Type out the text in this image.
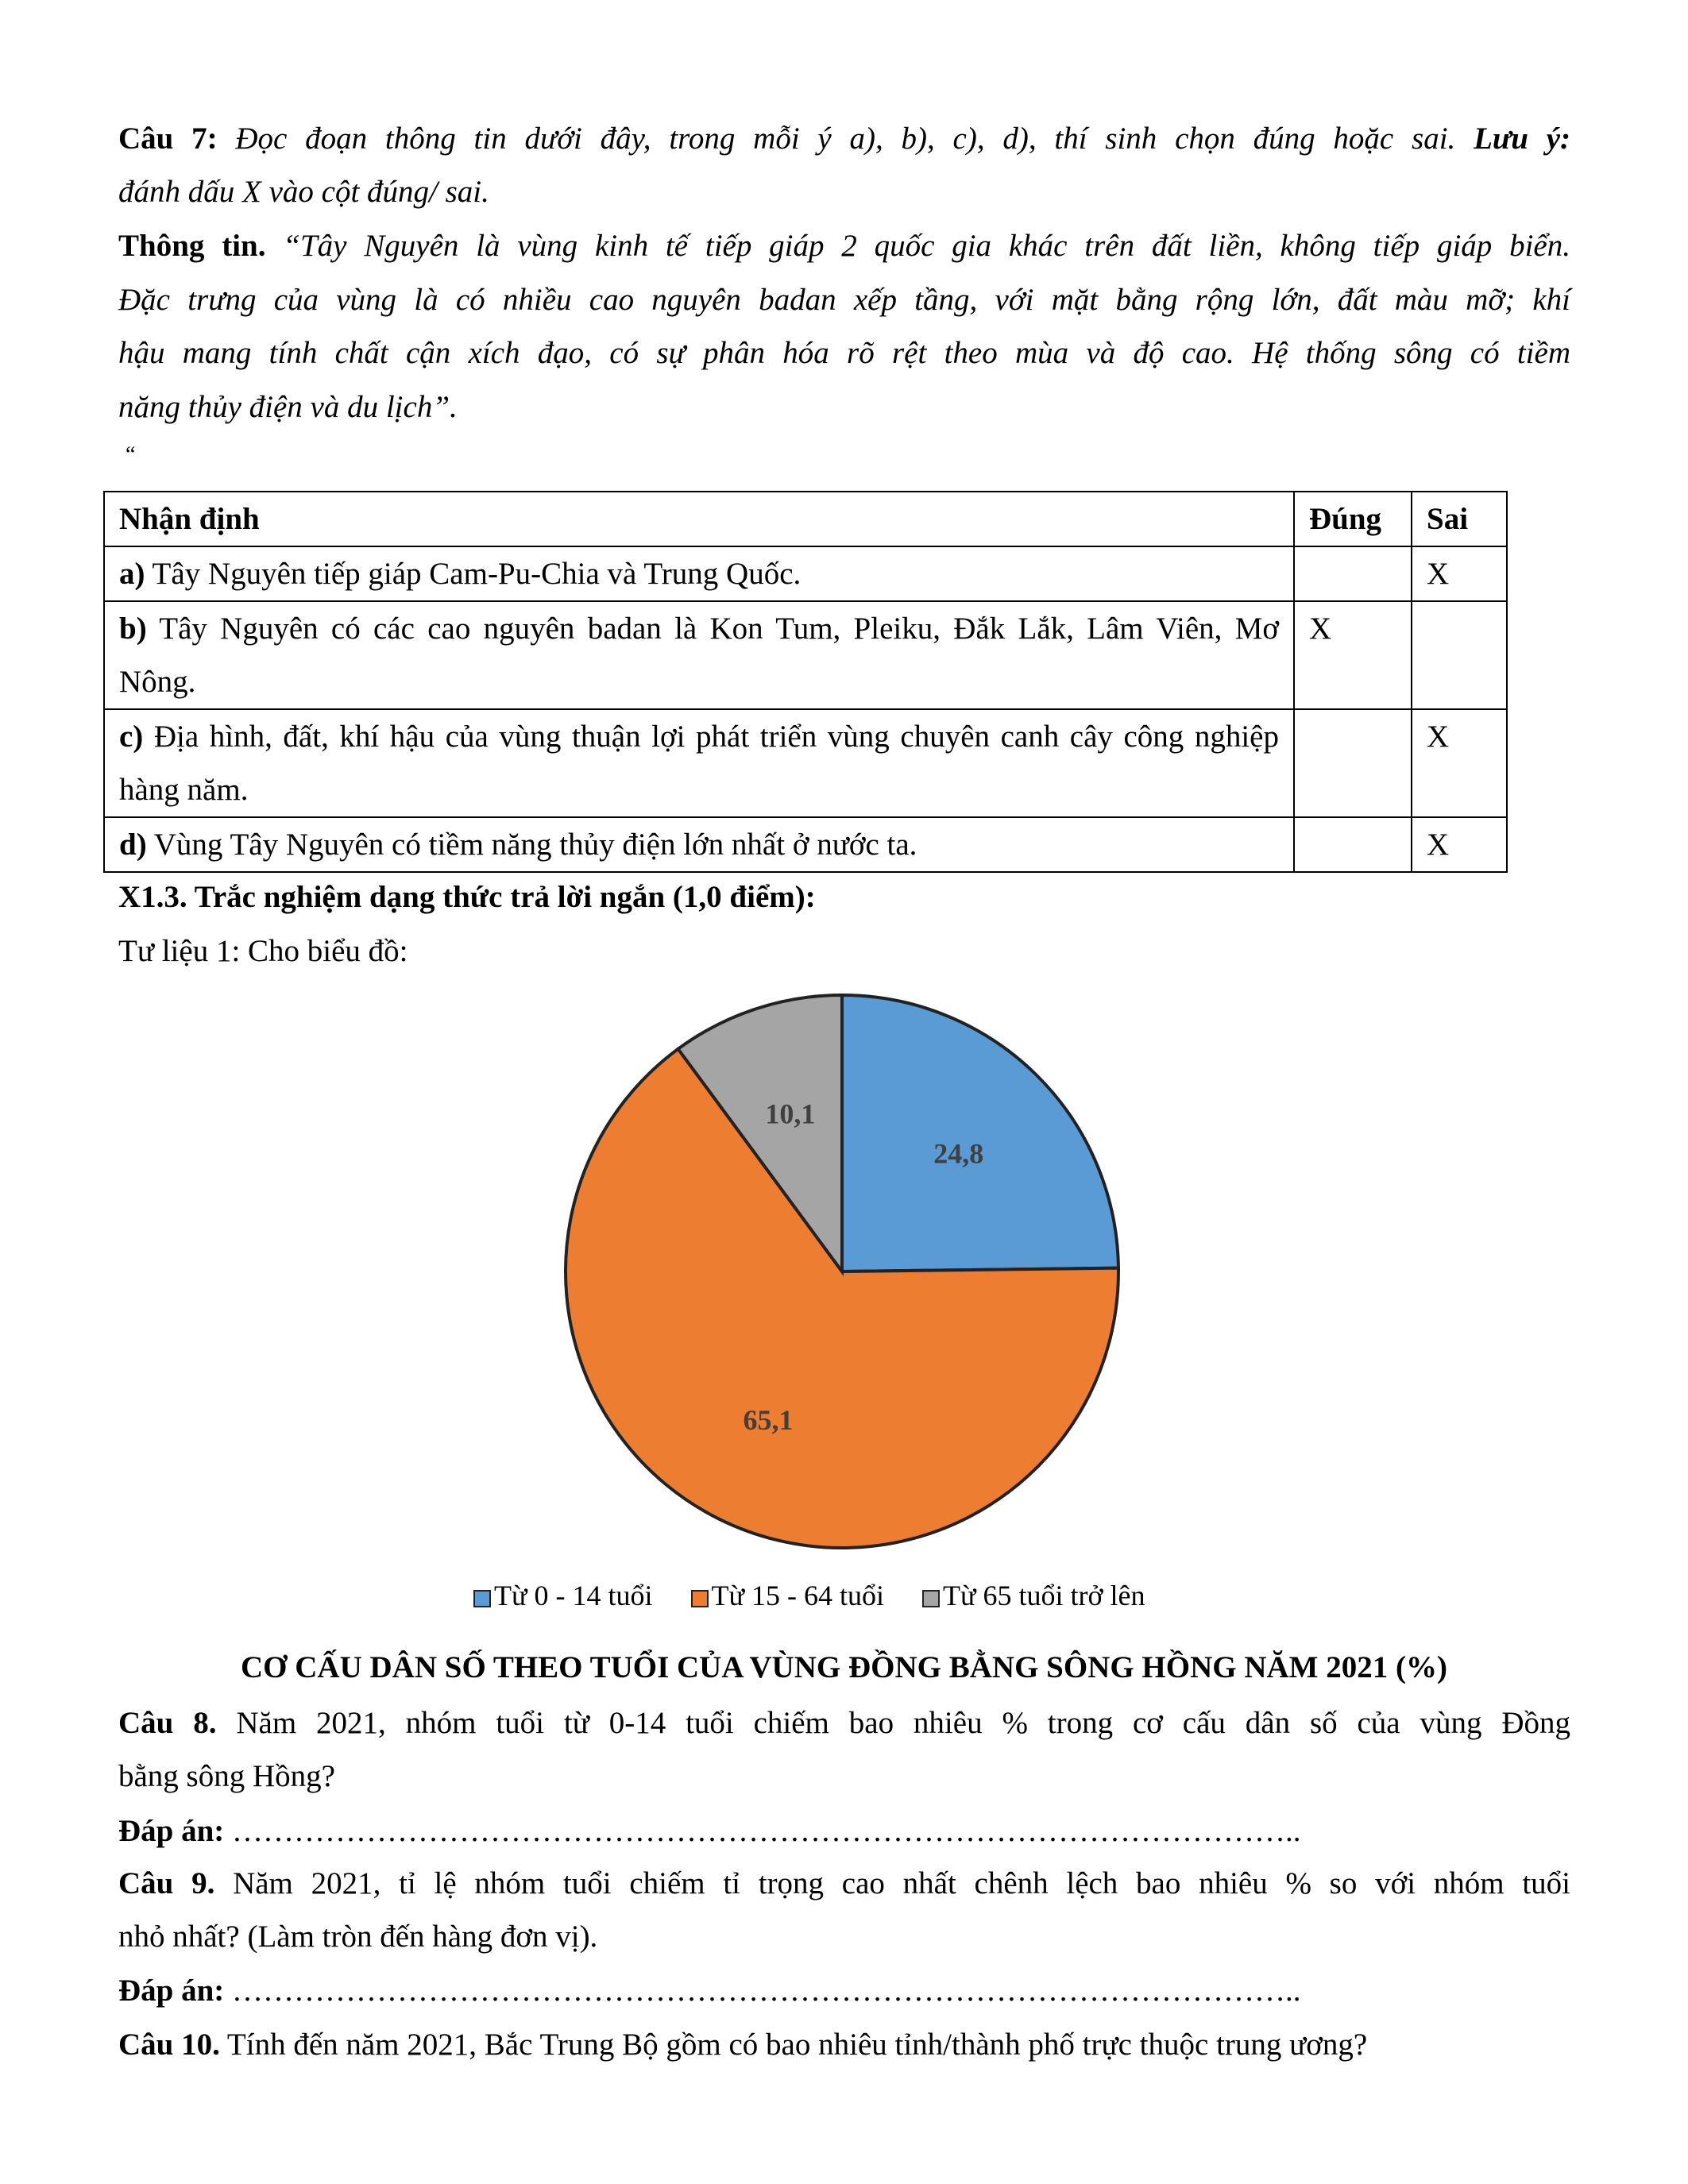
Câu 7: Đọc đoạn thông tin dưới đây, trong mỗi ý a), b), c), d), thí sinh chọn đúng hoặc sai. Lưu ý:
đánh dấu X vào cột đúng/ sai.
Thông tin. “Tây Nguyên là vùng kinh tế tiếp giáp 2 quốc gia khác trên đất liền, không tiếp giáp biển.
Đặc trưng của vùng là có nhiều cao nguyên badan xếp tầng, với mặt bằng rộng lớn, đất màu mỡ; khí
hậu mang tính chất cận xích đạo, có sự phân hóa rõ rệt theo mùa và độ cao. Hệ thống sông có tiềm
năng thủy điện và du lịch”.
“
Nhận định	Đúng	Sai
a) Tây Nguyên tiếp giáp Cam-Pu-Chia và Trung Quốc.		X
b) Tây Nguyên có các cao nguyên badan là Kon Tum, Pleiku, Đắk Lắk, Lâm Viên, Mơ Nông.	X	
c) Địa hình, đất, khí hậu của vùng thuận lợi phát triển vùng chuyên canh cây công nghiệp hàng năm.		X
d) Vùng Tây Nguyên có tiềm năng thủy điện lớn nhất ở nước ta.		X
X1.3. Trắc nghiệm dạng thức trả lời ngắn (1,0 điểm):
Tư liệu 1: Cho biểu đồ:
24,8
65,1
10,1
Từ 0 - 14 tuổi	Từ 15 - 64 tuổi	Từ 65 tuổi trở lên
CƠ CẤU DÂN SỐ THEO TUỔI CỦA VÙNG ĐỒNG BẰNG SÔNG HỒNG NĂM 2021 (%)
Câu 8. Năm 2021, nhóm tuổi từ 0-14 tuổi chiếm bao nhiêu % trong cơ cấu dân số của vùng Đồng
bằng sông Hồng?
Đáp án: …………………………………………………………………………………………..
Câu 9. Năm 2021, tỉ lệ nhóm tuổi chiếm tỉ trọng cao nhất chênh lệch bao nhiêu % so với nhóm tuổi
nhỏ nhất? (Làm tròn đến hàng đơn vị).
Đáp án: …………………………………………………………………………………………..
Câu 10. Tính đến năm 2021, Bắc Trung Bộ gồm có bao nhiêu tỉnh/thành phố trực thuộc trung ương?
